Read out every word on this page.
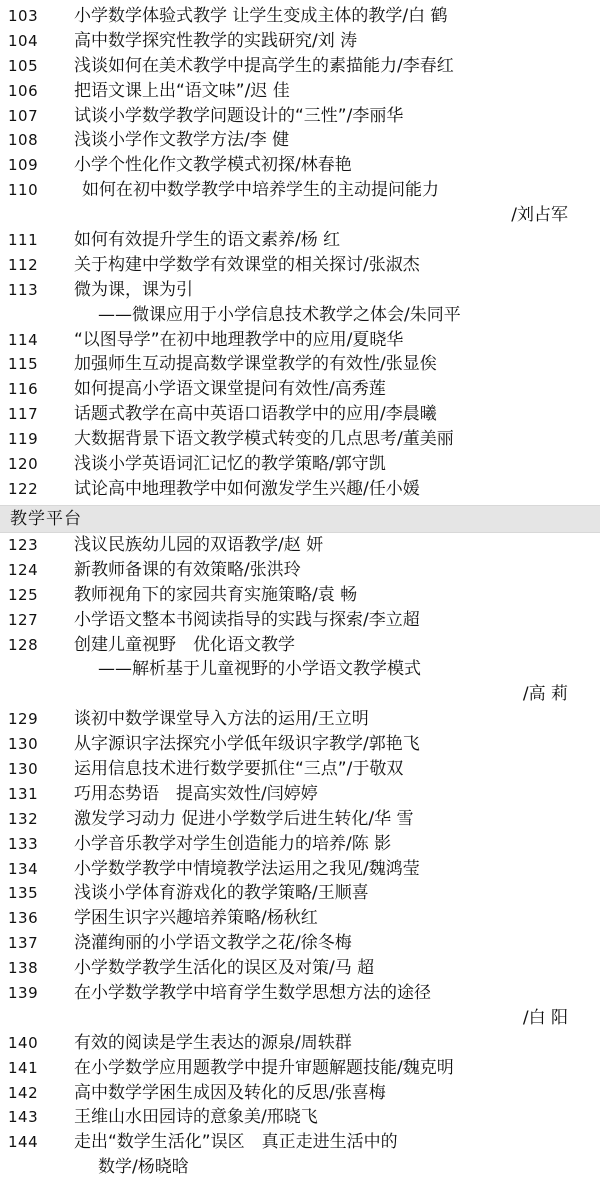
103 小学数学体验式教学 让学生变成主体的教学/白 鹤
104 高中数学探究性教学的实践研究/刘 涛
105 浅谈如何在美术教学中提高学生的素描能力/李春红
106 把语文课上出“语文味”/迟 佳
107 试谈小学数学教学问题设计的“三性”/李丽华
108 浅谈小学作文教学方法/李 健
109 小学个性化作文教学模式初探/林春艳
110	如何在初中数学教学中培养学生的主动提问能力
/刘占军
111 如何有效提升学生的语文素养/杨 红
112 关于构建中学数学有效课堂的相关探讨/张淑杰
113 微为课，课为引
——微课应用于小学信息技术教学之体会/朱同平
114 “以图导学”在初中地理教学中的应用/夏晓华
115 加强师生互动提高数学课堂教学的有效性/张显俟
116 如何提高小学语文课堂提问有效性/高秀莲
117 话题式教学在高中英语口语教学中的应用/李晨曦
119 大数据背景下语文教学模式转变的几点思考/董美丽
120 浅谈小学英语词汇记忆的教学策略/郭守凯
122 试论高中地理教学中如何激发学生兴趣/任小媛
教学平台
123 浅议民族幼儿园的双语教学/赵 妍
124 新教师备课的有效策略/张洪玲
125 教师视角下的家园共育实施策略/袁 畅
127 小学语文整本书阅读指导的实践与探索/李立超
128 创建儿童视野　优化语文教学
——解析基于儿童视野的小学语文教学模式
/高 莉
129 谈初中数学课堂导入方法的运用/王立明
130 从字源识字法探究小学低年级识字教学/郭艳飞
130 运用信息技术进行数学要抓住“三点”/于敬双
131 巧用态势语　提高实效性/闫婷婷
132 激发学习动力 促进小学数学后进生转化/华 雪
133 小学音乐教学对学生创造能力的培养/陈 影
134 小学数学教学中情境教学法运用之我见/魏鸿莹
135 浅谈小学体育游戏化的教学策略/王顺喜
136 学困生识字兴趣培养策略/杨秋红
137 浇灌绚丽的小学语文教学之花/徐冬梅
138 小学数学教学生活化的误区及对策/马 超
139 在小学数学教学中培育学生数学思想方法的途径
/白 阳
140 有效的阅读是学生表达的源泉/周轶群
141 在小学数学应用题教学中提升审题解题技能/魏克明
142 高中数学学困生成因及转化的反思/张喜梅
143 王维山水田园诗的意象美/邢晓飞
144 走出“数学生活化”误区　真正走进生活中的
数学/杨晓晗
